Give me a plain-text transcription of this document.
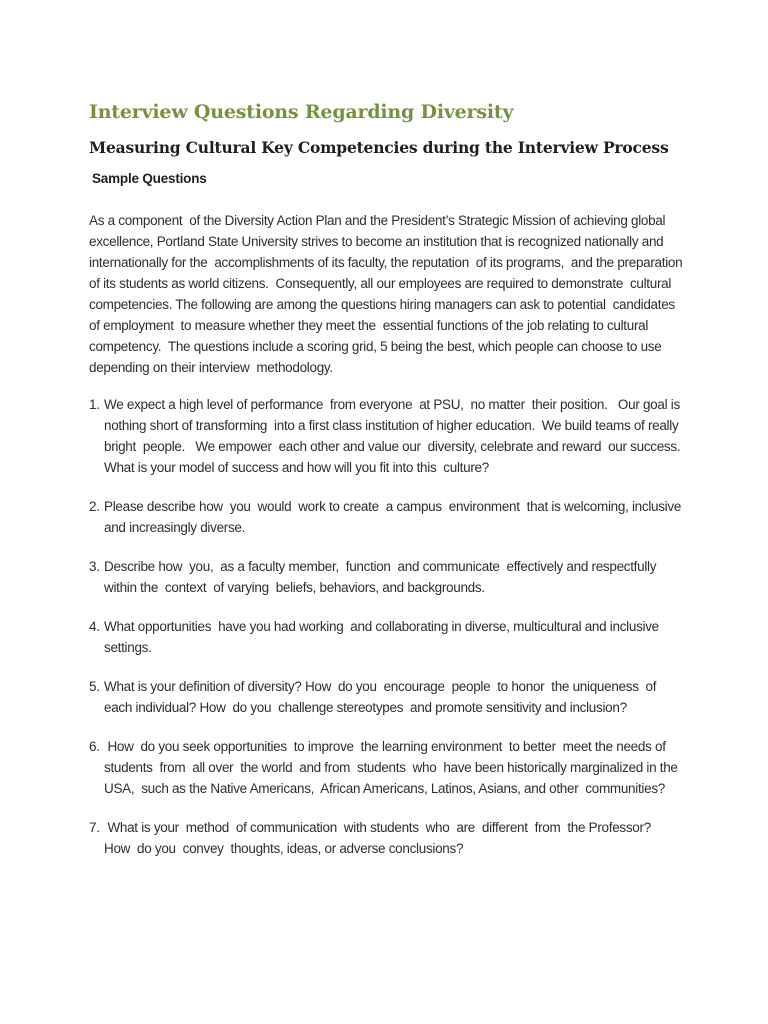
Interview Questions Regarding Diversity
Measuring Cultural Key Competencies during the Interview Process
Sample Questions

As a component  of the Diversity Action Plan and the President’s Strategic Mission of achieving global excellence, Portland State University strives to become an institution that is recognized nationally and internationally for the  accomplishments of its faculty, the reputation  of its programs,  and the preparation of its students as world citizens.  Consequently, all our employees are required to demonstrate  cultural competencies. The following are among the questions hiring managers can ask to potential  candidates of employment  to measure whether they meet the  essential functions of the job relating to cultural competency.  The questions include a scoring grid, 5 being the best, which people can choose to use depending on their interview  methodology.

1. We expect a high level of performance  from everyone  at PSU,  no matter  their position.   Our goal is nothing short of transforming  into a first class institution of higher education.  We build teams of really bright  people.   We empower  each other and value our  diversity, celebrate and reward  our success. What is your model of success and how will you fit into this  culture?
2. Please describe how  you  would  work to create  a campus  environment  that is welcoming, inclusive and increasingly diverse.
3. Describe how  you,  as a faculty member,  function  and communicate  effectively and respectfully within the  context  of varying  beliefs, behaviors, and backgrounds.
4. What opportunities  have you had working  and collaborating in diverse, multicultural and inclusive settings.
5. What is your definition of diversity? How  do you  encourage  people  to honor  the uniqueness  of each individual? How  do you  challenge stereotypes  and promote sensitivity and inclusion?
6. How  do you seek opportunities  to improve  the learning environment  to better  meet the needs of students  from  all over  the world  and from  students  who  have been historically marginalized in the  USA,  such as the Native Americans,  African Americans, Latinos, Asians, and other  communities?
7. What is your  method  of communication  with students  who  are  different  from  the Professor?   How  do you  convey  thoughts, ideas, or adverse conclusions?
